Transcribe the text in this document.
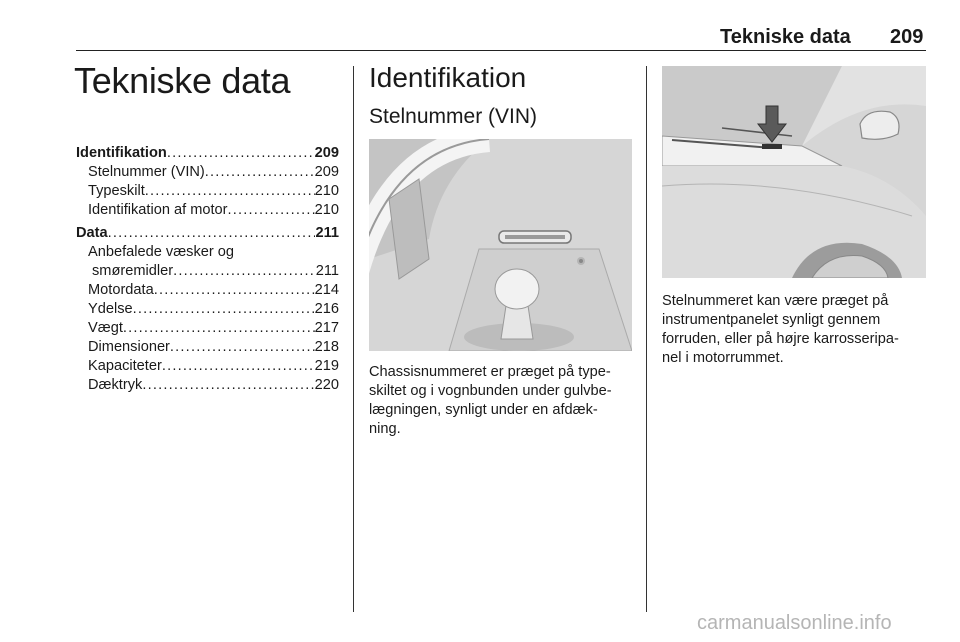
Tekniske data 209
Tekniske data
Identifikation .....	209
Stelnummer (VIN) .....	209
Typeskilt .....	210
Identifikation af motor .....	210
Data .....	211
Anbefalede væsker og
smøremidler .....	211
Motordata .....	214
Ydelse .....	216
Vægt .....	217
Dimensioner .....	218
Kapaciteter .....	219
Dæktryk .....	220
Identifikation
Stelnummer (VIN)
Chassisnummeret er præget på type-
skiltet og i vognbunden under gulvbe-
lægningen, synligt under en afdæk-
ning.
Stelnummeret kan være præget på
instrumentpanelet synligt gennem
forruden, eller på højre karrosseripa-
nel i motorrummet.
carmanualsonline.info
